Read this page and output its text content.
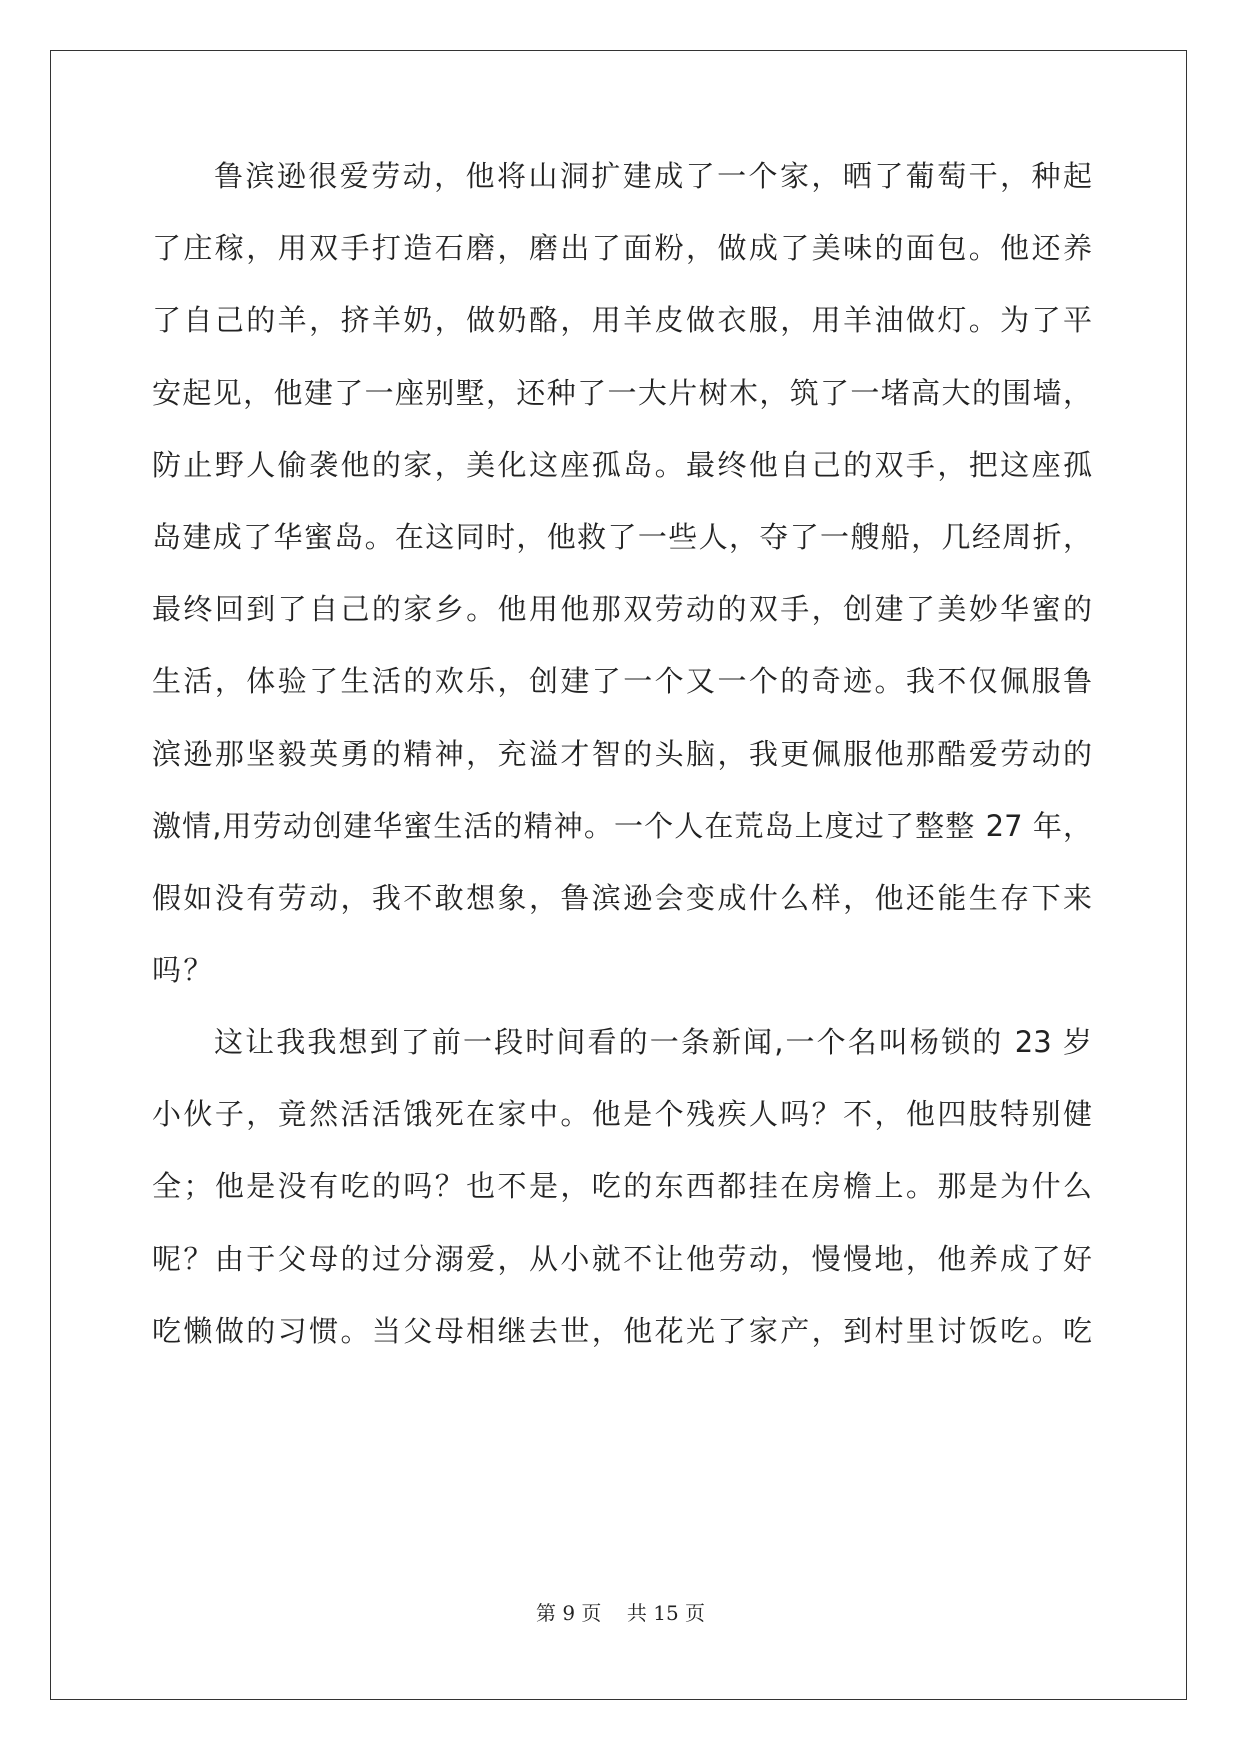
鲁滨逊很爱劳动，他将山洞扩建成了一个家，晒了葡萄干，种起
了庄稼，用双手打造石磨，磨出了面粉，做成了美味的面包。他还养
了自己的羊，挤羊奶，做奶酪，用羊皮做衣服，用羊油做灯。为了平
安起见，他建了一座别墅，还种了一大片树木，筑了一堵高大的围墙，
防止野人偷袭他的家，美化这座孤岛。最终他自己的双手，把这座孤
岛建成了华蜜岛。在这同时，他救了一些人，夺了一艘船，几经周折，
最终回到了自己的家乡。他用他那双劳动的双手，创建了美妙华蜜的
生活，体验了生活的欢乐，创建了一个又一个的奇迹。我不仅佩服鲁
滨逊那坚毅英勇的精神，充溢才智的头脑，我更佩服他那酷爱劳动的
激情,用劳动创建华蜜生活的精神。一个人在荒岛上度过了整整 27 年，
假如没有劳动，我不敢想象，鲁滨逊会变成什么样，他还能生存下来
吗？
这让我我想到了前一段时间看的一条新闻,一个名叫杨锁的 23 岁
小伙子，竟然活活饿死在家中。他是个残疾人吗？不，他四肢特别健
全；他是没有吃的吗？也不是，吃的东西都挂在房檐上。那是为什么
呢？由于父母的过分溺爱，从小就不让他劳动，慢慢地，他养成了好
吃懒做的习惯。当父母相继去世，他花光了家产，到村里讨饭吃。吃
第 9 页 共 15 页
